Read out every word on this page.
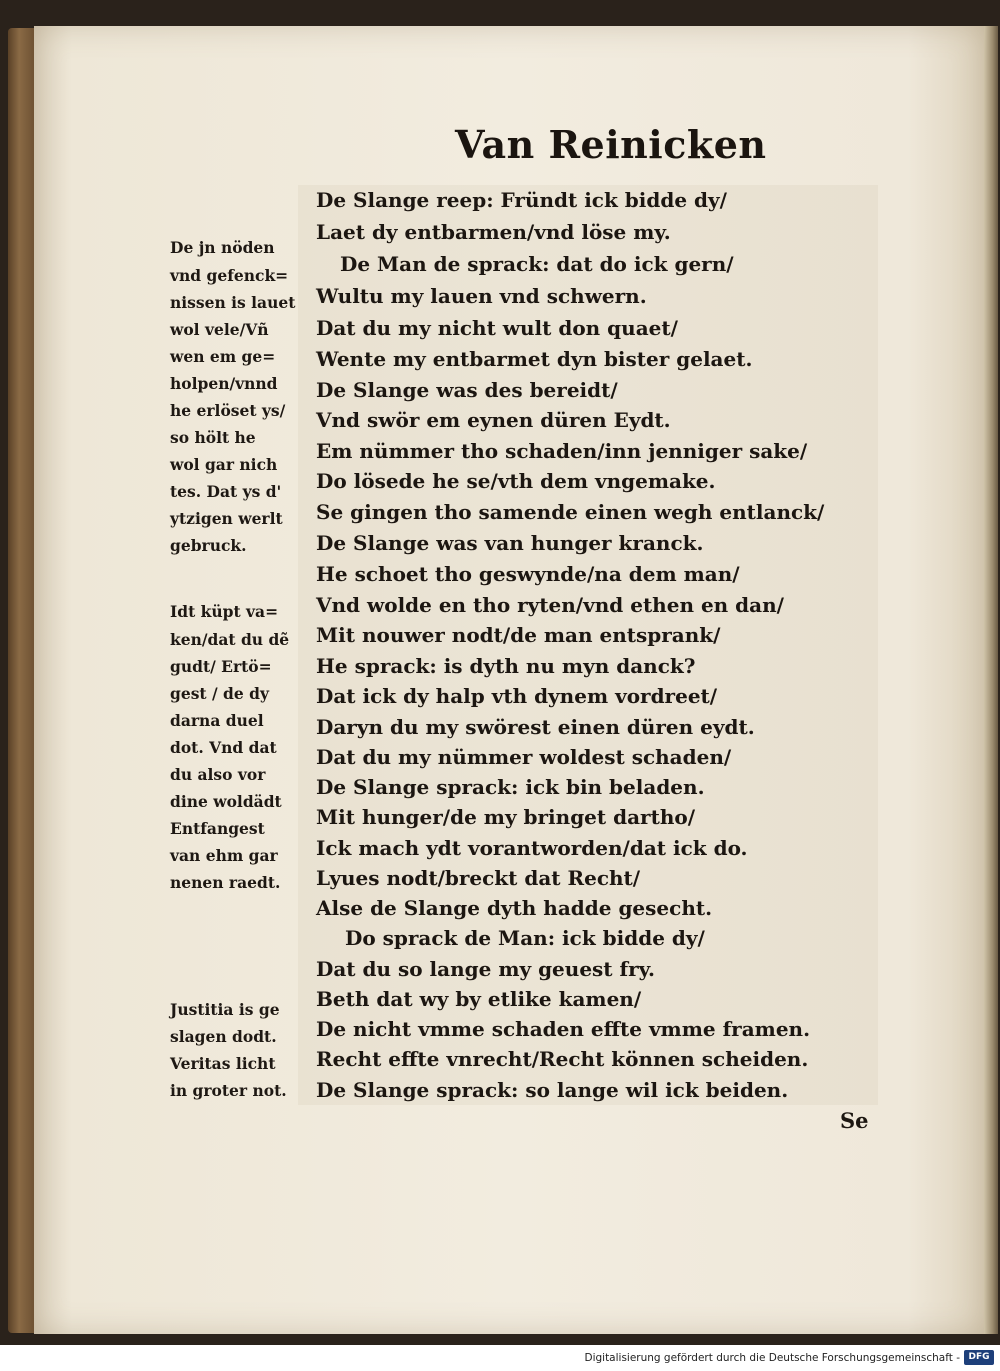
Van Reinicken
De Slange reep: Fründt ick bidde dy/
Laet dy entbarmen/vnd löse my.
De Man de sprack: dat do ick gern/
Wultu my lauen vnd schwern.
Dat du my nicht wult don quaet/
Wente my entbarmet dyn bister gelaet.
De Slange was des bereidt/
Vnd swör em eynen düren Eydt.
Em nümmer tho schaden/inn jenniger sake/
Do lösede he se/vth dem vngemake.
Se gingen tho samende einen wegh entlanck/
De Slange was van hunger kranck.
He schoet tho geswynde/na dem man/
Vnd wolde en tho ryten/vnd ethen en dan/
Mit nouwer nodt/de man entsprank/
He sprack: is dyth nu myn danck?
Dat ick dy halp vth dynem vordreet/
Daryn du my swörest einen düren eydt.
Dat du my nümmer woldest schaden/
De Slange sprack: ick bin beladen.
Mit hunger/de my bringet dartho/
Ick mach ydt vorantworden/dat ick do.
Lyues nodt/breckt dat Recht/
Alse de Slange dyth hadde gesecht.
Do sprack de Man: ick bidde dy/
Dat du so lange my geuest fry.
Beth dat wy by etlike kamen/
De nicht vmme schaden effte vmme framen.
Recht effte vnrecht/Recht können scheiden.
De Slange sprack: so lange wil ick beiden.
De jn nöden
vnd gefenck=
nissen is lauet
wol vele/Vñ
wen em ge=
holpen/vnnd
he erlöset ys/
so hölt he
wol gar nich
tes. Dat ys d'
ytzigen werlt
gebruck.
Idt küpt va=
ken/dat du dẽ
gudt/ Ertö=
gest / de dy
darna duel
dot. Vnd dat
du also vor
dine woldädt
Entfangest
van ehm gar
nenen raedt.
Justitia is ge
slagen dodt.
Veritas licht
in groter not.
Se
Digitalisierung gefördert durch die Deutsche Forschungsgemeinschaft - DFG
